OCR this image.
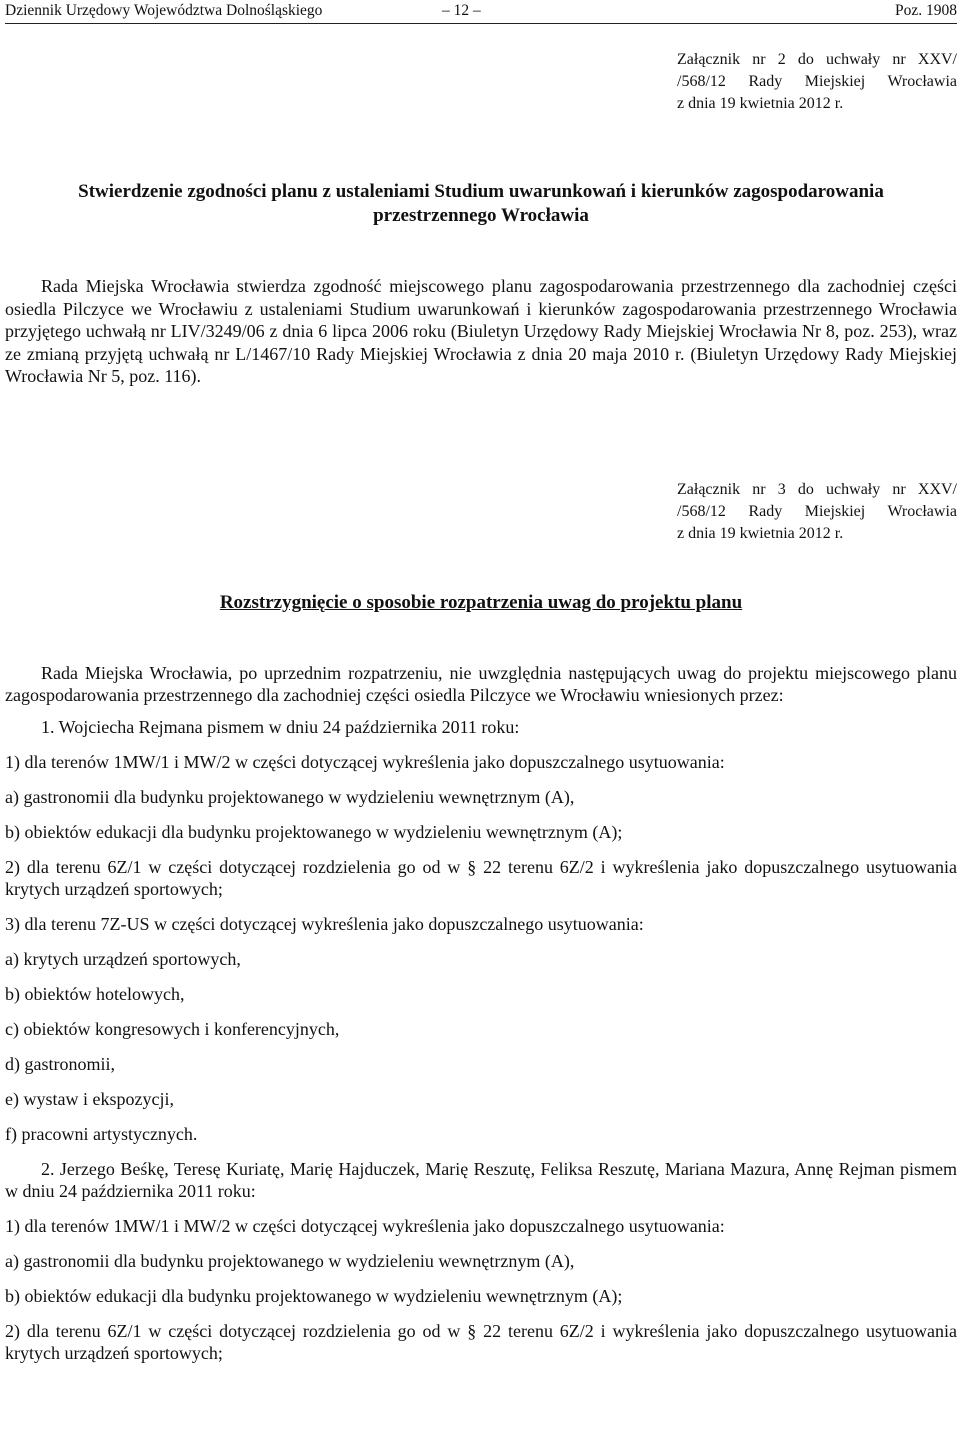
Dziennik Urzędowy Województwa Dolnośląskiego	– 12 –	Poz. 1908
Załącznik nr 2 do uchwały nr XXV/
/568/12 Rady Miejskiej Wrocławia
z dnia 19 kwietnia 2012 r.
Stwierdzenie zgodności planu z ustaleniami Studium uwarunkowań i kierunków zagospodarowania
przestrzennego Wrocławia

Rada Miejska Wrocławia stwierdza zgodność miejscowego planu zagospodarowania przestrzennego dla zachodniej części osiedla Pilczyce we Wrocławiu z ustaleniami Studium uwarunkowań i kierunków zagospodarowania przestrzennego Wrocławia przyjętego uchwałą nr LIV/3249/06 z dnia 6 lipca 2006 roku (Biuletyn Urzędowy Rady Miejskiej Wrocławia Nr 8, poz. 253), wraz ze zmianą przyjętą uchwałą nr L/1467/10 Rady Miejskiej Wrocławia z dnia 20 maja 2010 r. (Biuletyn Urzędowy Rady Miejskiej Wrocławia Nr 5, poz. 116).

Załącznik nr 3 do uchwały nr XXV/
/568/12 Rady Miejskiej Wrocławia
z dnia 19 kwietnia 2012 r.
Rozstrzygnięcie o sposobie rozpatrzenia uwag do projektu planu

Rada Miejska Wrocławia, po uprzednim rozpatrzeniu, nie uwzględnia następujących uwag do projektu miejscowego planu zagospodarowania przestrzennego dla zachodniej części osiedla Pilczyce we Wrocławiu wniesionych przez:

1. Wojciecha Rejmana pismem w dniu 24 października 2011 roku:

1) dla terenów 1MW/1 i MW/2 w części dotyczącej wykreślenia jako dopuszczalnego usytuowania:

a) gastronomii dla budynku projektowanego w wydzieleniu wewnętrznym (A),

b) obiektów edukacji dla budynku projektowanego w wydzieleniu wewnętrznym (A);

2) dla terenu 6Z/1 w części dotyczącej rozdzielenia go od w § 22 terenu 6Z/2 i wykreślenia jako dopuszczalnego usytuowania krytych urządzeń sportowych;

3) dla terenu 7Z-US w części dotyczącej wykreślenia jako dopuszczalnego usytuowania:

a) krytych urządzeń sportowych,

b) obiektów hotelowych,

c) obiektów kongresowych i konferencyjnych,

d) gastronomii,

e) wystaw i ekspozycji,

f) pracowni artystycznych.

2. Jerzego Beśkę, Teresę Kuriatę, Marię Hajduczek, Marię Reszutę, Feliksa Reszutę, Mariana Mazura, Annę Rejman pismem w dniu 24 października 2011 roku:

1) dla terenów 1MW/1 i MW/2 w części dotyczącej wykreślenia jako dopuszczalnego usytuowania:

a) gastronomii dla budynku projektowanego w wydzieleniu wewnętrznym (A),

b) obiektów edukacji dla budynku projektowanego w wydzieleniu wewnętrznym (A);

2) dla terenu 6Z/1 w części dotyczącej rozdzielenia go od w § 22 terenu 6Z/2 i wykreślenia jako dopuszczalnego usytuowania krytych urządzeń sportowych;
